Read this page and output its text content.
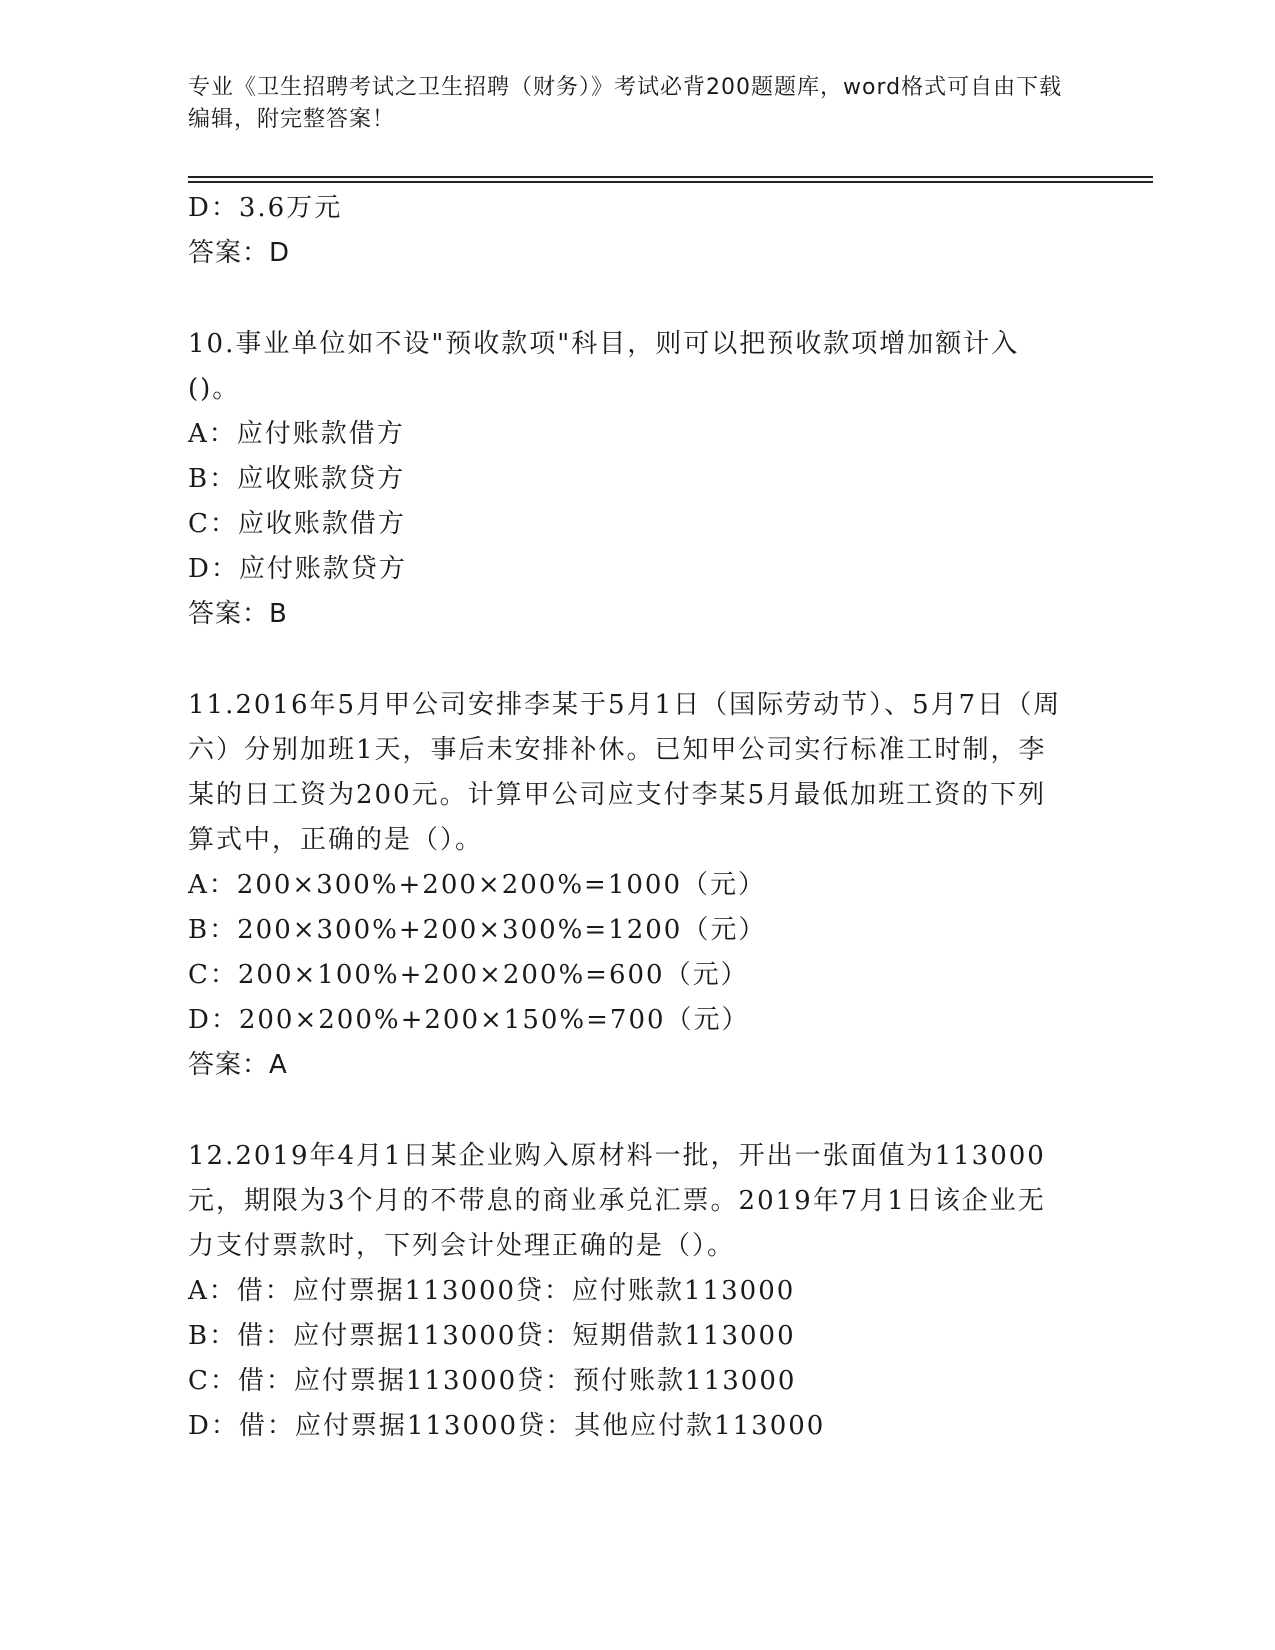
专业《卫生招聘考试之卫生招聘（财务）》考试必背200题题库，word格式可自由下载编辑，附完整答案！
D：3.6万元
答案：D
10.事业单位如不设"预收款项"科目，则可以把预收款项增加额计入()。
A：应付账款借方
B：应收账款贷方
C：应收账款借方
D：应付账款贷方
答案：B
11.2016年5月甲公司安排李某于5月1日（国际劳动节）、5月7日（周六）分别加班1天，事后未安排补休。已知甲公司实行标准工时制，李某的日工资为200元。计算甲公司应支付李某5月最低加班工资的下列算式中，正确的是（）。
A：200×300%+200×200%=1000（元）
B：200×300%+200×300%=1200（元）
C：200×100%+200×200%=600（元）
D：200×200%+200×150%=700（元）
答案：A
12.2019年4月1日某企业购入原材料一批，开出一张面值为113000元，期限为3个月的不带息的商业承兑汇票。2019年7月1日该企业无力支付票款时，下列会计处理正确的是（）。
A：借：应付票据113000贷：应付账款113000
B：借：应付票据113000贷：短期借款113000
C：借：应付票据113000贷：预付账款113000
D：借：应付票据113000贷：其他应付款113000
